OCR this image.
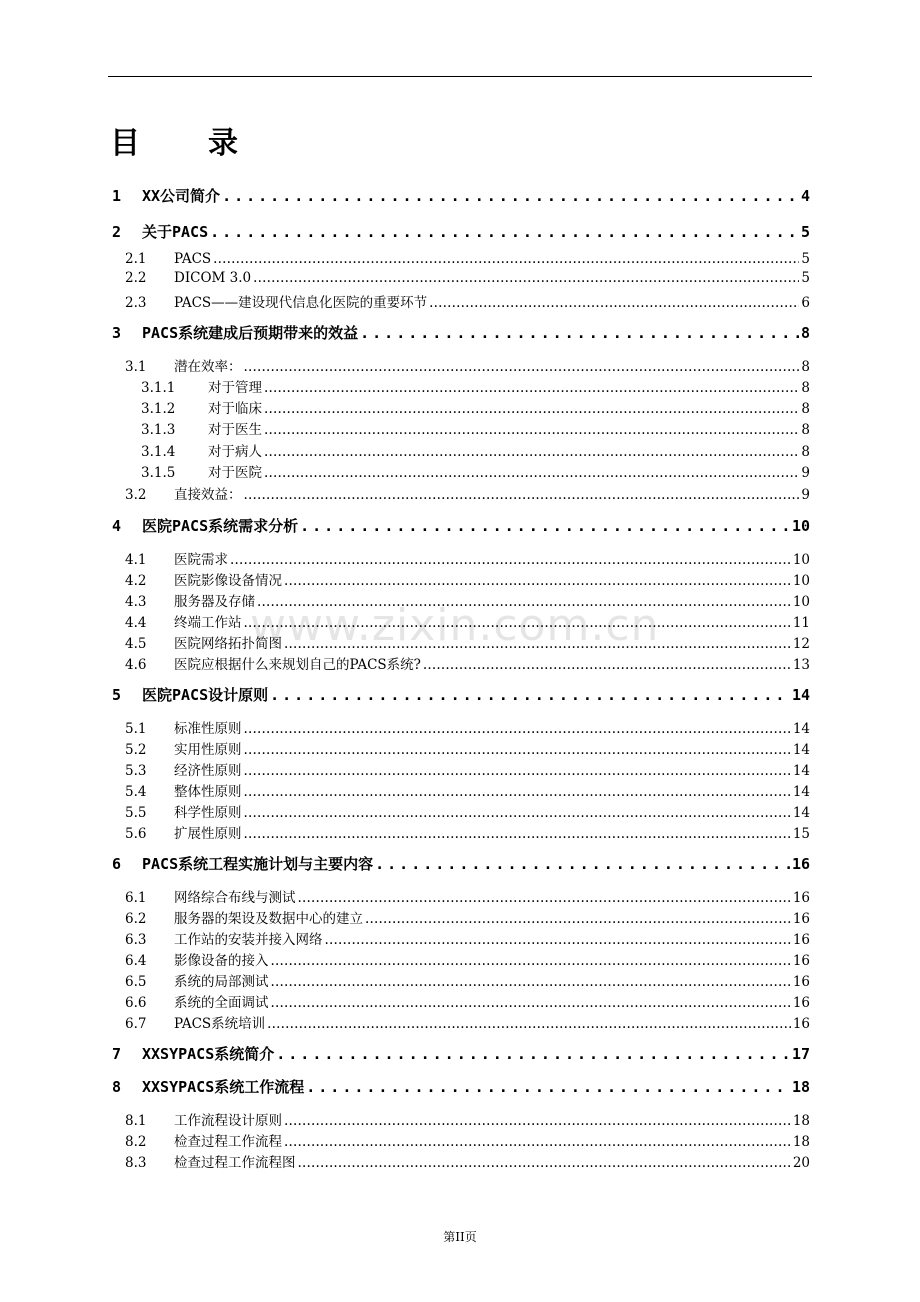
目 录
www.zixin.com.cn
1	XX公司简介 .....	4
2	关于PACS .....	5
2.1	PACS .....	5
2.2	DICOM 3.0 .....	5
2.3	PACS——建设现代信息化医院的重要环节 .....	6
3	PACS系统建成后预期带来的效益 .....	8
3.1	潜在效率： .....	8
3.1.1	对于管理 .....	8
3.1.2	对于临床 .....	8
3.1.3	对于医生 .....	8
3.1.4	对于病人 .....	8
3.1.5	对于医院 .....	9
3.2	直接效益： .....	9
4	医院PACS系统需求分析 .....	10
4.1	医院需求 .....	10
4.2	医院影像设备情况 .....	10
4.3	服务器及存储 .....	10
4.4	终端工作站 .....	11
4.5	医院网络拓扑简图 .....	12
4.6	医院应根据什么来规划自己的PACS系统? .....	13
5	医院PACS设计原则 .....	14
5.1	标准性原则 .....	14
5.2	实用性原则 .....	14
5.3	经济性原则 .....	14
5.4	整体性原则 .....	14
5.5	科学性原则 .....	14
5.6	扩展性原则 .....	15
6	PACS系统工程实施计划与主要内容 .....	16
6.1	网络综合布线与测试 .....	16
6.2	服务器的架设及数据中心的建立 .....	16
6.3	工作站的安装并接入网络 .....	16
6.4	影像设备的接入 .....	16
6.5	系统的局部测试 .....	16
6.6	系统的全面调试 .....	16
6.7	PACS系统培训 .....	16
7	XXSYPACS系统简介 .....	17
8	XXSYPACS系统工作流程 .....	18
8.1	工作流程设计原则 .....	18
8.2	检查过程工作流程 .....	18
8.3	检查过程工作流程图 .....	20
第II页
